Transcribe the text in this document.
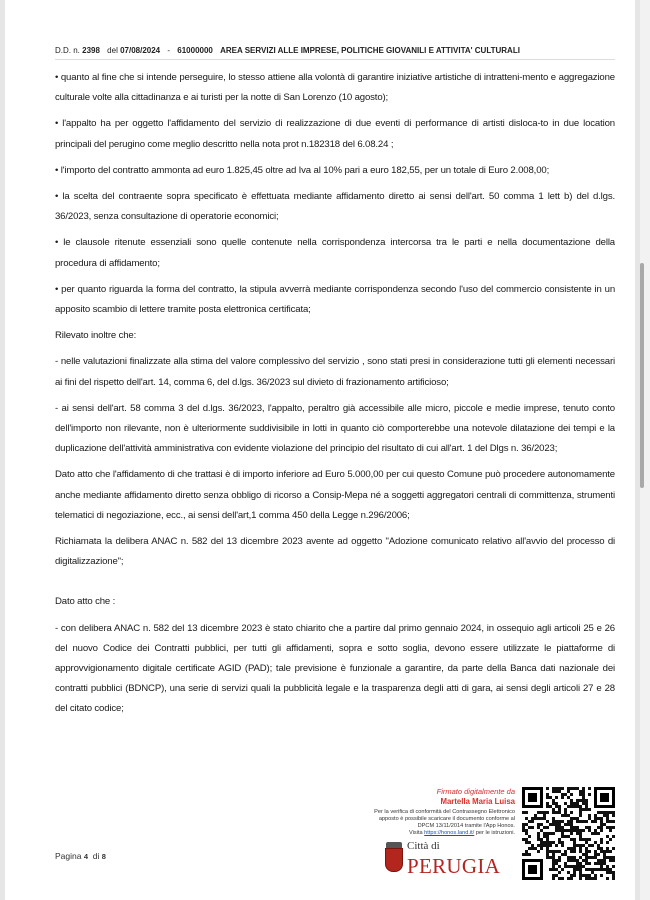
D.D. n. 2398 del 07/08/2024 - 61000000 AREA SERVIZI ALLE IMPRESE, POLITICHE GIOVANILI E ATTIVITA' CULTURALI

• quanto al fine che si intende perseguire, lo stesso attiene alla volontà di garantire iniziative artistiche di intratteni-mento e aggregazione culturale volte alla cittadinanza e ai turisti per la notte di San Lorenzo (10 agosto);

• l'appalto ha per oggetto l'affidamento del servizio di realizzazione di due eventi di performance di artisti disloca-to in due location principali del perugino come meglio descritto nella nota prot n.182318 del 6.08.24 ;

• l'importo del contratto ammonta ad euro 1.825,45 oltre ad Iva al 10% pari a euro 182,55, per un totale di Euro 2.008,00;

• la scelta del contraente sopra specificato è effettuata mediante affidamento diretto ai sensi dell'art. 50 comma 1 lett b) del d.lgs. 36/2023, senza consultazione di operatorie economici;

• le clausole ritenute essenziali sono quelle contenute nella corrispondenza intercorsa tra le parti e nella documentazione della procedura di affidamento;

• per quanto riguarda la forma del contratto, la stipula avverrà mediante corrispondenza secondo l'uso del commercio consistente in un apposito scambio di lettere tramite posta elettronica certificata;

Rilevato inoltre che:

- nelle valutazioni finalizzate alla stima del valore complessivo del servizio , sono stati presi in considerazione tutti gli elementi necessari ai fini del rispetto dell'art. 14, comma 6, del d.lgs. 36/2023 sul divieto di frazionamento artificioso;

- ai sensi dell'art. 58 comma 3 del d.lgs. 36/2023, l'appalto, peraltro già accessibile alle micro, piccole e medie imprese, tenuto conto dell'importo non rilevante, non è ulteriormente suddivisibile in lotti in quanto ciò comporterebbe una notevole dilatazione dei tempi e la duplicazione dell'attività amministrativa con evidente violazione del principio del risultato di cui all'art. 1 del Dlgs n. 36/2023;

Dato atto che l'affidamento di che trattasi è di importo inferiore ad Euro 5.000,00 per cui questo Comune può procedere autonomamente anche mediante affidamento diretto senza obbligo di ricorso a Consip-Mepa né a soggetti aggregatori centrali di committenza, strumenti telematici di negoziazione, ecc., ai sensi dell'art,1 comma 450 della Legge n.296/2006;

Richiamata la delibera ANAC n. 582 del 13 dicembre 2023 avente ad oggetto "Adozione comunicato relativo all'avvio del processo di digitalizzazione";

Dato atto che :

- con delibera ANAC n. 582 del 13 dicembre 2023 è stato chiarito che a partire dal primo gennaio 2024, in ossequio agli articoli 25 e 26 del nuovo Codice dei Contratti pubblici, per tutti gli affidamenti, sopra e sotto soglia, devono essere utilizzate le piattaforme di approvvigionamento digitale certificate AGID (PAD); tale previsione è funzionale a garantire, da parte della Banca dati nazionale dei contratti pubblici (BDNCP), una serie di servizi quali la pubblicità legale e la trasparenza degli atti di gara, ai sensi degli articoli 27 e 28 del citato codice;

Pagina 4 di 8
Firmato digitalmente da
Martella Maria Luisa
Per la verifica di conformità del Contrassegno Elettronico
apposto è possibile scaricare il documento conforme al
DPCM 13/11/2014 tramite l'App Honos.
Visita https://honos.land.it/ per le istruzioni.
Città di
PERUGIA
